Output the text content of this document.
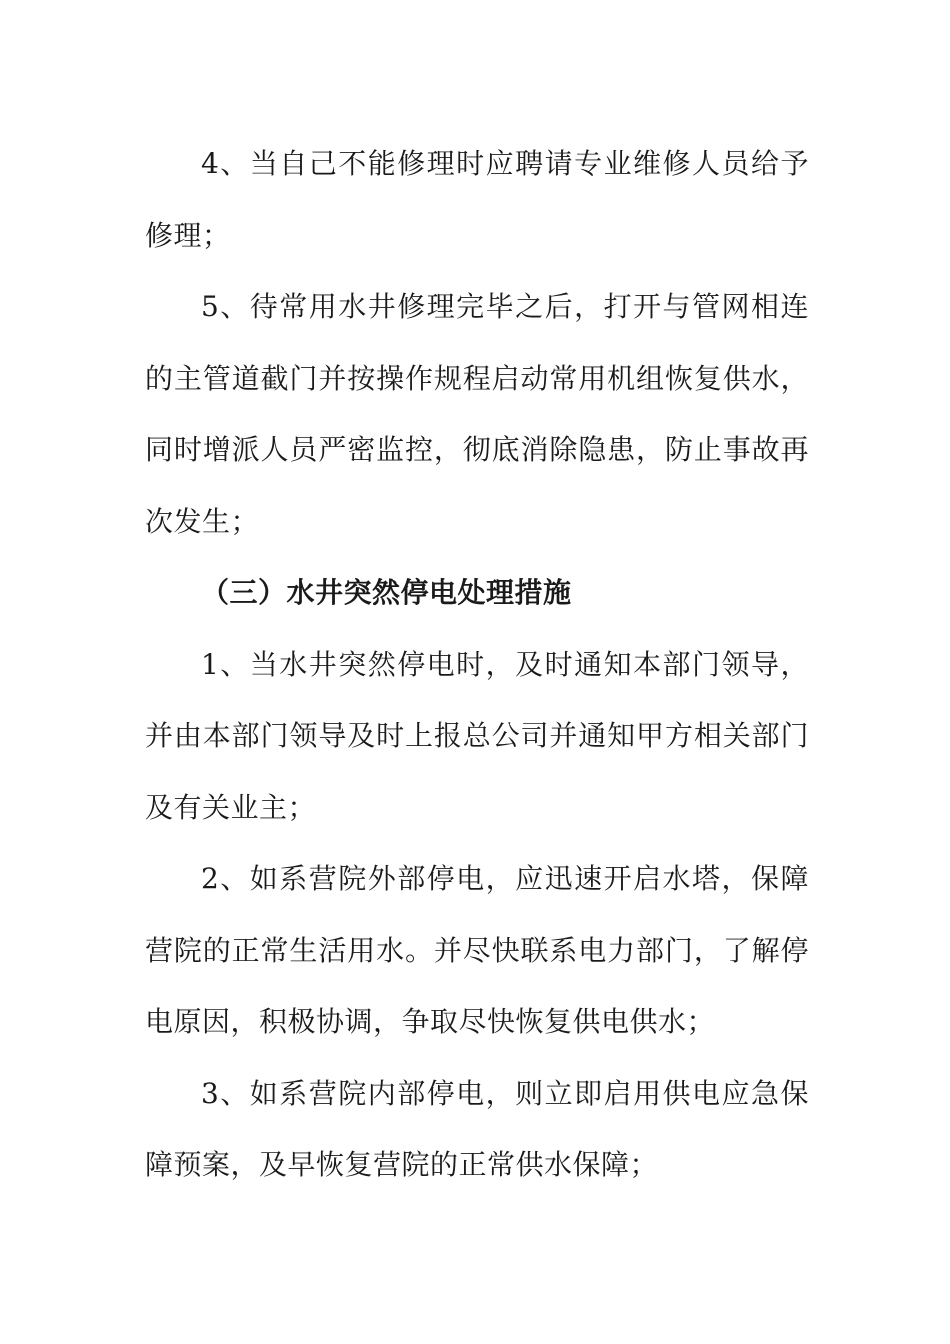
4、当自己不能修理时应聘请专业维修人员给予修理；

5、待常用水井修理完毕之后，打开与管网相连的主管道截门并按操作规程启动常用机组恢复供水，同时增派人员严密监控，彻底消除隐患，防止事故再次发生；

（三）水井突然停电处理措施

1、当水井突然停电时，及时通知本部门领导，并由本部门领导及时上报总公司并通知甲方相关部门及有关业主；

2、如系营院外部停电，应迅速开启水塔，保障营院的正常生活用水。并尽快联系电力部门，了解停电原因，积极协调，争取尽快恢复供电供水；

3、如系营院内部停电，则立即启用供电应急保障预案，及早恢复营院的正常供水保障；
